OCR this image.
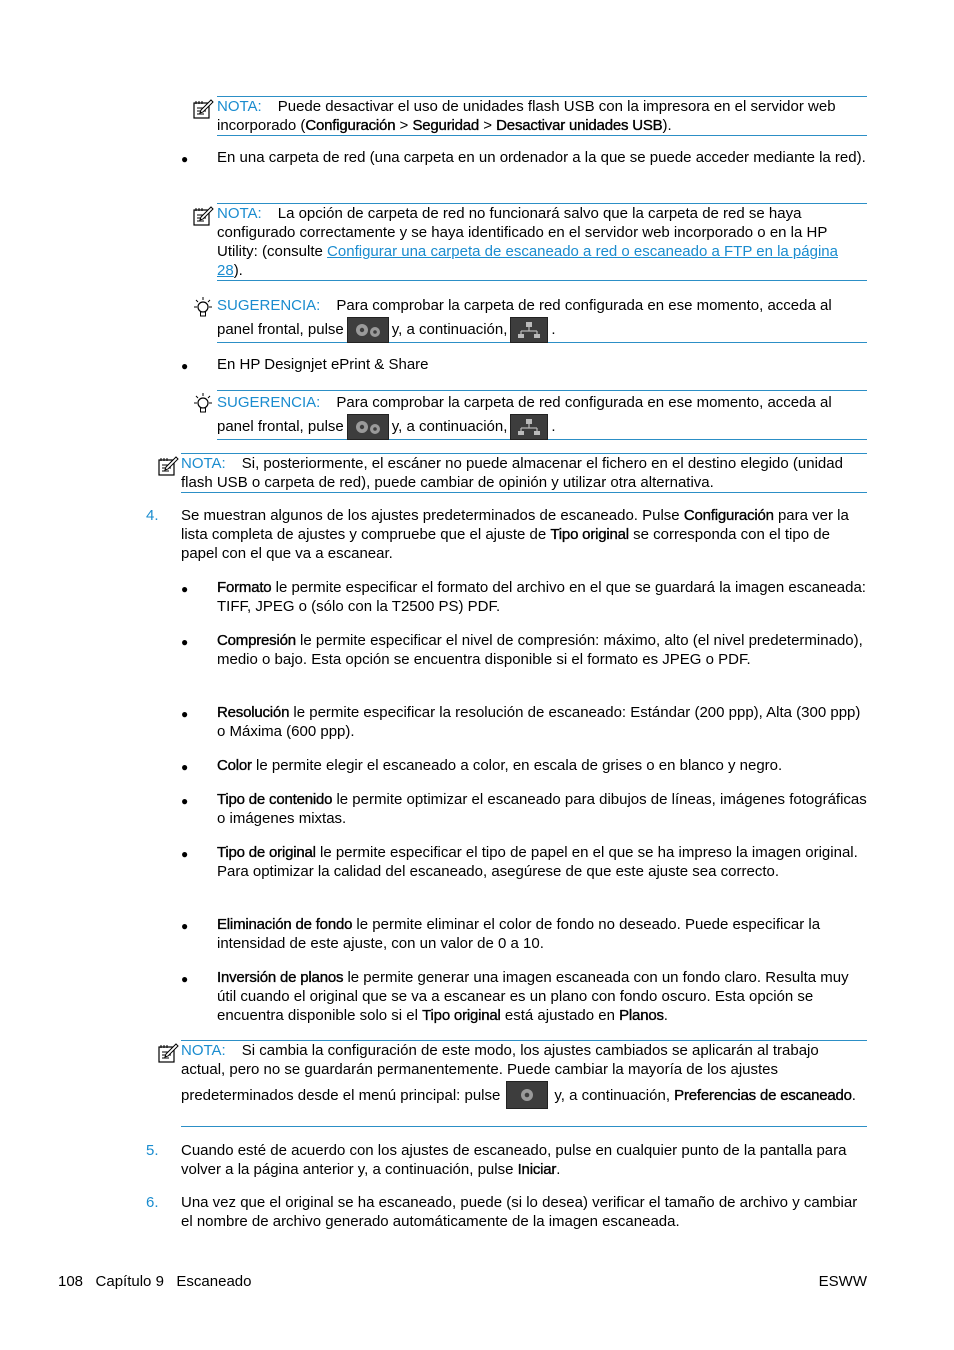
NOTA: Puede desactivar el uso de unidades flash USB con la impresora en el servidor web incorporado (Configuración > Seguridad > Desactivar unidades USB).
● En una carpeta de red (una carpeta en un ordenador a la que se puede acceder mediante la red).
NOTA: La opción de carpeta de red no funcionará salvo que la carpeta de red se haya configurado correctamente y se haya identificado en el servidor web incorporado o en la HP Utility: (consulte Configurar una carpeta de escaneado a red o escaneado a FTP en la página 28).
SUGERENCIA: Para comprobar la carpeta de red configurada en ese momento, acceda al panel frontal, pulse	y, a continuación,	.
● En HP Designjet ePrint & Share
SUGERENCIA: Para comprobar la carpeta de red configurada en ese momento, acceda al panel frontal, pulse	y, a continuación,	.
NOTA: Si, posteriormente, el escáner no puede almacenar el fichero en el destino elegido (unidad flash USB o carpeta de red), puede cambiar de opinión y utilizar otra alternativa.
4. Se muestran algunos de los ajustes predeterminados de escaneado. Pulse Configuración para ver la lista completa de ajustes y compruebe que el ajuste de Tipo original se corresponda con el tipo de papel con el que va a escanear.
● Formato le permite especificar el formato del archivo en el que se guardará la imagen escaneada: TIFF, JPEG o (sólo con la T2500 PS) PDF.
● Compresión le permite especificar el nivel de compresión: máximo, alto (el nivel predeterminado), medio o bajo. Esta opción se encuentra disponible si el formato es JPEG o PDF.
● Resolución le permite especificar la resolución de escaneado: Estándar (200 ppp), Alta (300 ppp) o Máxima (600 ppp).
● Color le permite elegir el escaneado a color, en escala de grises o en blanco y negro.
● Tipo de contenido le permite optimizar el escaneado para dibujos de líneas, imágenes fotográficas o imágenes mixtas.
● Tipo de original le permite especificar el tipo de papel en el que se ha impreso la imagen original. Para optimizar la calidad del escaneado, asegúrese de que este ajuste sea correcto.
● Eliminación de fondo le permite eliminar el color de fondo no deseado. Puede especificar la intensidad de este ajuste, con un valor de 0 a 10.
● Inversión de planos le permite generar una imagen escaneada con un fondo claro. Resulta muy útil cuando el original que se va a escanear es un plano con fondo oscuro. Esta opción se encuentra disponible solo si el Tipo original está ajustado en Planos.
NOTA: Si cambia la configuración de este modo, los ajustes cambiados se aplicarán al trabajo actual, pero no se guardarán permanentemente. Puede cambiar la mayoría de los ajustes predeterminados desde el menú principal: pulse	y, a continuación, Preferencias de escaneado.
5. Cuando esté de acuerdo con los ajustes de escaneado, pulse en cualquier punto de la pantalla para volver a la página anterior y, a continuación, pulse Iniciar.
6. Una vez que el original se ha escaneado, puede (si lo desea) verificar el tamaño de archivo y cambiar el nombre de archivo generado automáticamente de la imagen escaneada.
108   Capítulo 9   Escaneado	ESWW
